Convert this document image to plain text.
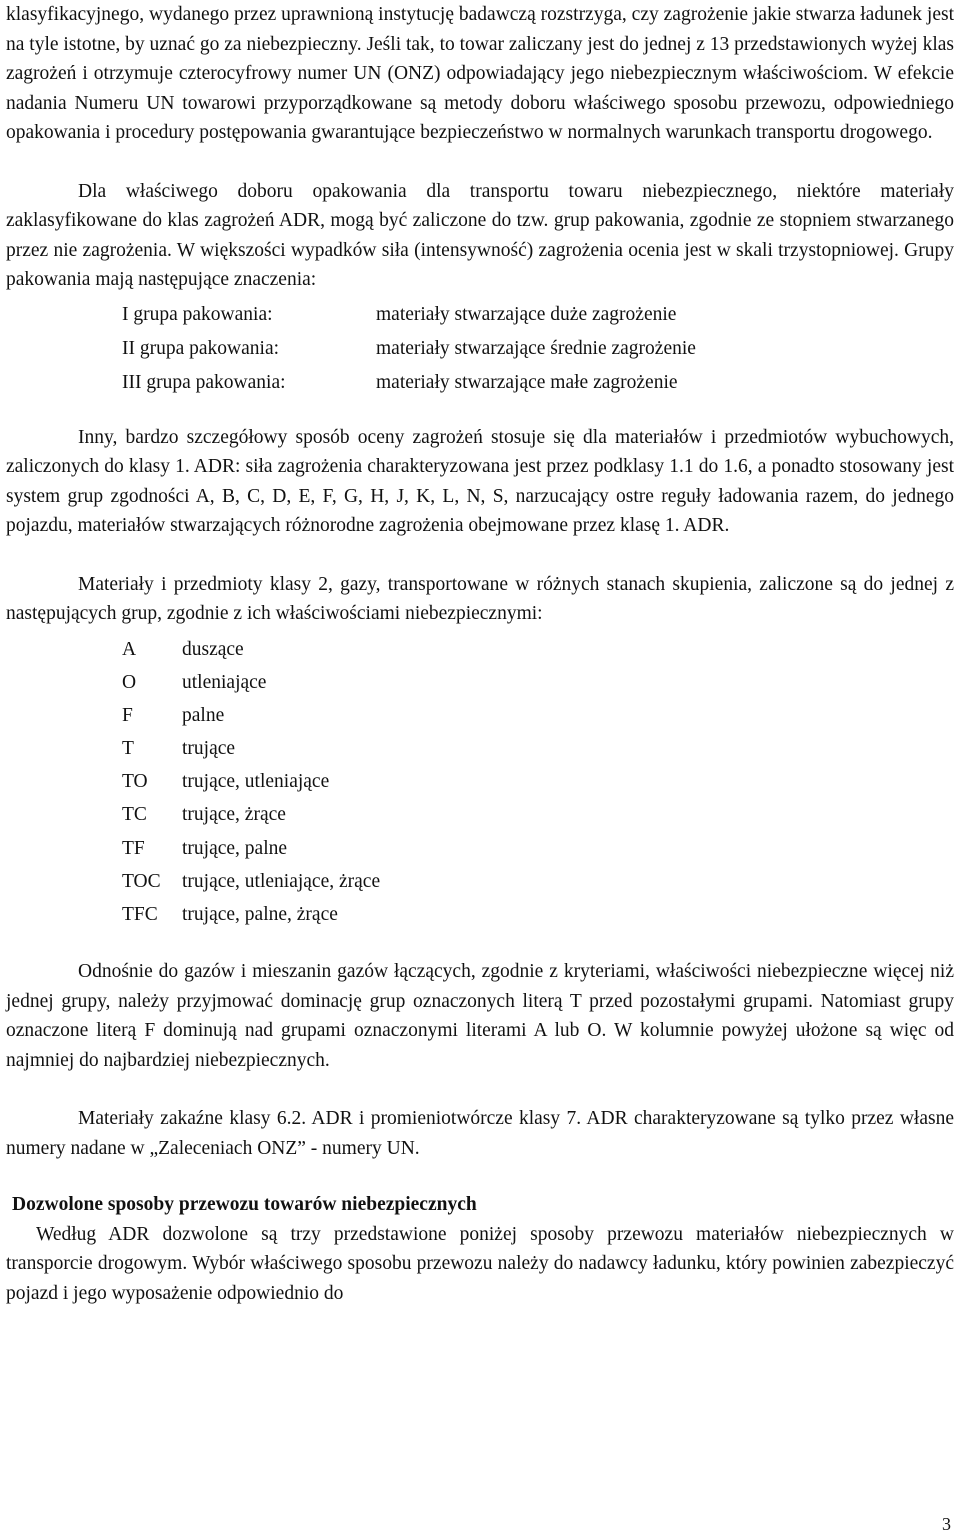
klasyfikacyjnego, wydanego przez uprawnioną instytucję badawczą rozstrzyga, czy zagrożenie jakie stwarza ładunek jest na tyle istotne, by uznać go za niebezpieczny. Jeśli tak, to towar zaliczany jest do jednej z 13 przedstawionych wyżej klas zagrożeń i otrzymuje czterocyfrowy numer UN (ONZ) odpowiadający jego niebezpiecznym właściwościom. W efekcie nadania Numeru UN towarowi przyporządkowane są metody doboru właściwego sposobu przewozu, odpowiedniego opakowania i procedury postępowania gwarantujące bezpieczeństwo w normalnych warunkach transportu drogowego.

Dla właściwego doboru opakowania dla transportu towaru niebezpiecznego, niektóre materiały zaklasyfikowane do klas zagrożeń ADR, mogą być zaliczone do tzw. grup pakowania, zgodnie ze stopniem stwarzanego przez nie zagrożenia. W większości wypadków siła (intensywność) zagrożenia ocenia jest w skali trzystopniowej. Grupy pakowania mają następujące znaczenia:

I grupa pakowania:	materiały stwarzające duże zagrożenie
II grupa pakowania:	materiały stwarzające średnie zagrożenie
III grupa pakowania:	materiały stwarzające małe zagrożenie

Inny, bardzo szczegółowy sposób oceny zagrożeń stosuje się dla materiałów i przedmiotów wybuchowych, zaliczonych do klasy 1. ADR: siła zagrożenia charakteryzowana jest przez podklasy 1.1 do 1.6, a ponadto stosowany jest system grup zgodności A, B, C, D, E, F, G, H, J, K, L, N, S, narzucający ostre reguły ładowania razem, do jednego pojazdu, materiałów stwarzających różnorodne zagrożenia obejmowane przez klasę 1. ADR.

Materiały i przedmioty klasy 2, gazy, transportowane w różnych stanach skupienia, zaliczone są do jednej z następujących grup, zgodnie z ich właściwościami niebezpiecznymi:

A duszące
O utleniające
F	palne
T trujące
TO trujące, utleniające
TC trujące, żrące
TF trujące, palne
TOC trujące, utleniające, żrące
TFC trujące, palne, żrące

Odnośnie do gazów i mieszanin gazów łączących, zgodnie z kryteriami, właściwości niebezpieczne więcej niż jednej grupy, należy przyjmować dominację grup oznaczonych literą T przed pozostałymi grupami. Natomiast grupy oznaczone literą F dominują nad grupami oznaczonymi literami A lub O. W kolumnie powyżej ułożone są więc od najmniej do najbardziej niebezpiecznych.

Materiały zakaźne klasy 6.2. ADR i promieniotwórcze klasy 7. ADR charakteryzowane są tylko przez własne numery nadane w „Zaleceniach ONZ” - numery UN.

Dozwolone sposoby przewozu towarów niebezpiecznych

Według ADR dozwolone są trzy przedstawione poniżej sposoby przewozu materiałów niebezpiecznych w transporcie drogowym. Wybór właściwego sposobu przewozu należy do nadawcy ładunku, który powinien zabezpieczyć pojazd i jego wyposażenie odpowiednio do

3
